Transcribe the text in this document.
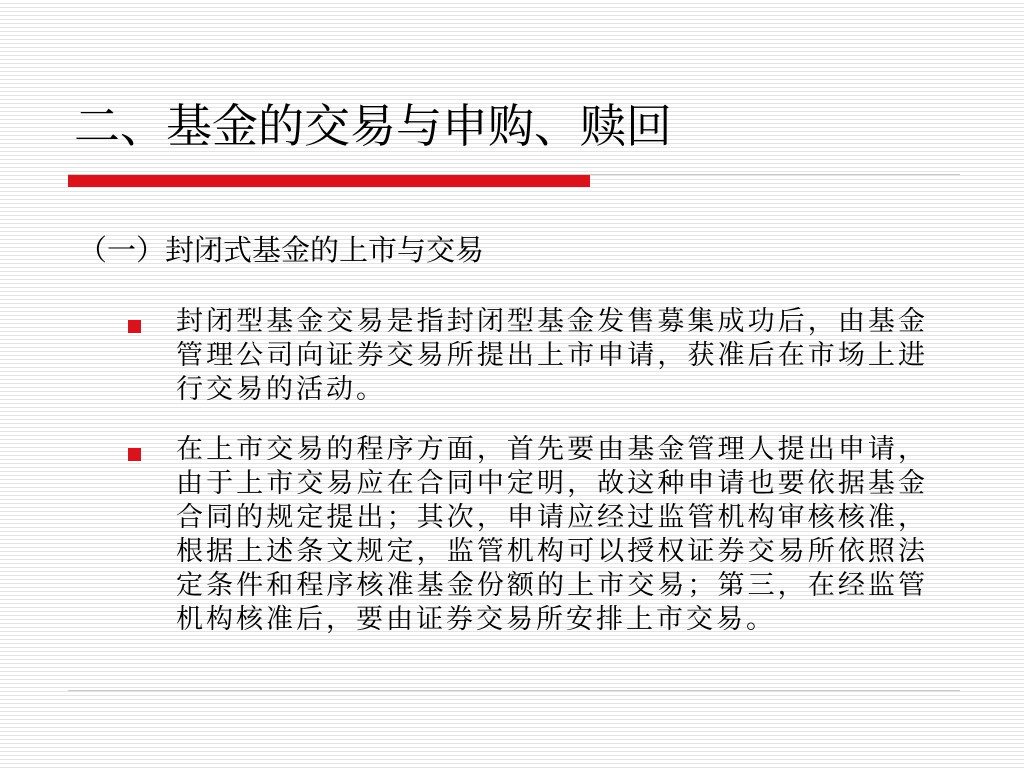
二、基金的交易与申购、赎回
（一）封闭式基金的上市与交易
封闭型基金交易是指封闭型基金发售募集成功后，由基金管理公司向证券交易所提出上市申请，获准后在市场上进行交易的活动。
在上市交易的程序方面，首先要由基金管理人提出申请，由于上市交易应在合同中定明，故这种申请也要依据基金合同的规定提出；其次，申请应经过监管机构审核核准，根据上述条文规定，监管机构可以授权证券交易所依照法定条件和程序核准基金份额的上市交易；第三，在经监管机构核准后，要由证券交易所安排上市交易。
